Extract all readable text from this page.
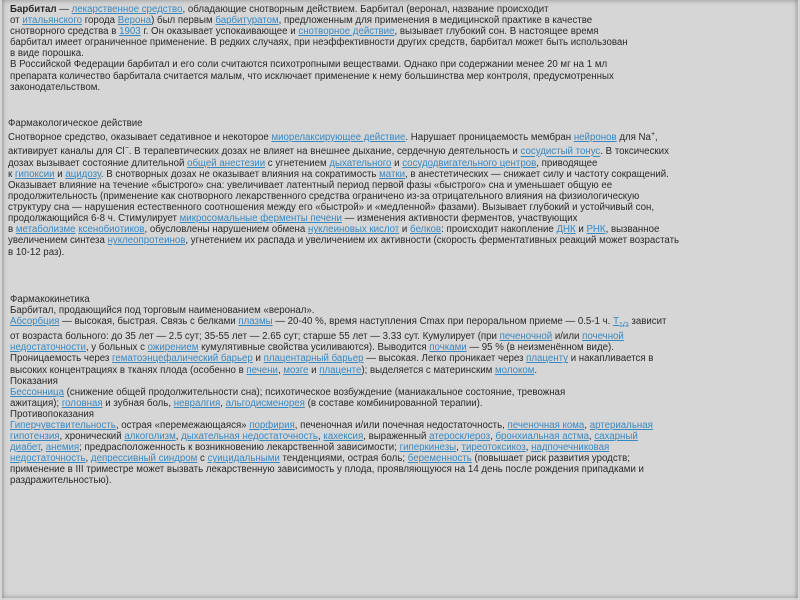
Барбитал — лекарственное средство, обладающие снотворным действием. Барбитал (веронал, название происходит

от итальянского города Верона) был первым барбитуратом, предложенным для применения в медицинской практике в качестве

снотворного средства в 1903 г. Он оказывает успокаивающее и снотворное действие, вызывает глубокий сон. В настоящее время

барбитал имеет ограниченное применение. В редких случаях, при неэффективности других средств, барбитал может быть использован

в виде порошка.

В Российской Федерации барбитал и его соли считаются психотропными веществами. Однако при содержании менее 20 мг на 1 мл

препарата количество барбитала считается малым, что исключает применение к нему большинства мер контроля, предусмотренных

законодательством.

Фармакологическое действие

Снотворное средство, оказывает седативное и некоторое миорелаксирующее действие. Нарушает проницаемость мембран нейронов для Na+,

активирует каналы для Cl−. В терапевтических дозах не влияет на внешнее дыхание, сердечную деятельность и сосудистый тонус. В токсических

дозах вызывает состояние длительной общей анестезии с угнетением дыхательного и сосудодвигательного центров, приводящее

к гипоксии и ацидозу. В снотворных дозах не оказывает влияния на сократимость матки, в анестетических — снижает силу и частоту сокращений.

Оказывает влияние на течение «быстрого» сна: увеличивает латентный период первой фазы «быстрого» сна и уменьшает общую ее

продолжительность (применение как снотворного лекарственного средства ограничено из-за отрицательного влияния на физиологическую

структуру сна — нарушения естественного соотношения между его «быстрой» и «медленной» фазами). Вызывает глубокий и устойчивый сон,

продолжающийся 6-8 ч. Стимулирует микросомальные ферменты печени — изменения активности ферментов, участвующих

в метаболизме ксенобиотиков, обусловлены нарушением обмена нуклеиновых кислот и белков: происходит накопление ДНК и РНК, вызванное

увеличением синтеза нуклеопротеинов, угнетением их распада и увеличением их активности (скорость ферментативных реакций может возрастать

в 10-12 раз).

Фармакокинетика

Барбитал, продающийся под торговым наименованием «веронал».

Абсорбция — высокая, быстрая. Связь с белками плазмы — 20-40 %, время наступления Cmax при пероральном приеме — 0.5-1 ч. $T_{1/2}$ зависит

от возраста больного: до 35 лет — 2.5 сут; 35-55 лет — 2.65 сут; старше 55 лет — 3.33 сут. Кумулирует (при печеночной и/или почечной

недостаточности, у больных с ожирением кумулятивные свойства усиливаются). Выводится почками — 95 % (в неизменённом виде).

Проницаемость через гематоэнцефалический барьер и плацентарный барьер — высокая. Легко проникает через плаценту и накапливается в

высоких концентрациях в тканях плода (особенно в печени, мозге и плаценте); выделяется с материнским молоком.

Показания

Бессонница (снижение общей продолжительности сна); психотическое возбуждение (маниакальное состояние, тревожная

ажитация); головная и зубная боль, невралгия, альгодисменорея (в составе комбинированной терапии).

Противопоказания

Гиперчувствительность, острая «перемежающаяся» порфирия, печеночная и/или почечная недостаточность, печеночная кома, артериальная

гипотензия, хронический алкоголизм, дыхательная недостаточность, кахексия, выраженный атеросклероз, бронхиальная астма, сахарный

диабет, анемия; предрасположенность к возникновению лекарственной зависимости; гиперкинезы, тиреотоксикоз, надпочечниковая

недостаточность, депрессивный синдром с суицидальными тенденциями, острая боль; беременность (повышает риск развития уродств;

применение в III триместре может вызвать лекарственную зависимость у плода, проявляющуюся на 14 день после рождения припадками и

раздражительностью).
